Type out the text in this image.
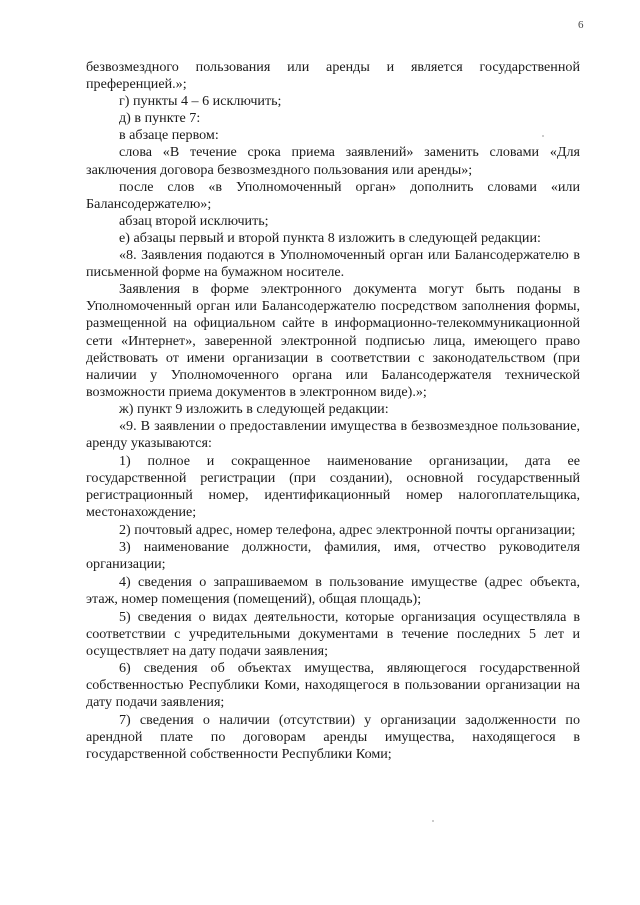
6

безвозмездного пользования или аренды и является государственной преференцией.»;

г) пункты 4 – 6 исключить;

д) в пункте 7:

в абзаце первом:

слова «В течение срока приема заявлений» заменить словами «Для заключения договора безвозмездного пользования или аренды»;

после слов «в Уполномоченный орган» дополнить словами «или Балансодержателю»;

абзац второй исключить;

е) абзацы первый и второй пункта 8 изложить в следующей редакции:

«8. Заявления подаются в Уполномоченный орган или Балансодержателю в письменной форме на бумажном носителе.

Заявления в форме электронного документа могут быть поданы в Уполномоченный орган или Балансодержателю посредством заполнения формы, размещенной на официальном сайте в информационно-телекоммуникационной сети «Интернет», заверенной электронной подписью лица, имеющего право действовать от имени организации в соответствии с законодательством (при наличии у Уполномоченного органа или Балансодержателя технической возможности приема документов в электронном виде).»;

ж) пункт 9 изложить в следующей редакции:

«9. В заявлении о предоставлении имущества в безвозмездное пользование, аренду указываются:

1) полное и сокращенное наименование организации, дата ее государственной регистрации (при создании), основной государственный регистрационный номер, идентификационный номер налогоплательщика, местонахождение;

2) почтовый адрес, номер телефона, адрес электронной почты организации;

3) наименование должности, фамилия, имя, отчество руководителя организации;

4) сведения о запрашиваемом в пользование имуществе (адрес объекта, этаж, номер помещения (помещений), общая площадь);

5) сведения о видах деятельности, которые организация осуществляла в соответствии с учредительными документами в течение последних 5 лет и осуществляет на дату подачи заявления;

6) сведения об объектах имущества, являющегося государственной собственностью Республики Коми, находящегося в пользовании организации на дату подачи заявления;

7) сведения о наличии (отсутствии) у организации задолженности по арендной плате по договорам аренды имущества, находящегося в государственной собственности Республики Коми;
